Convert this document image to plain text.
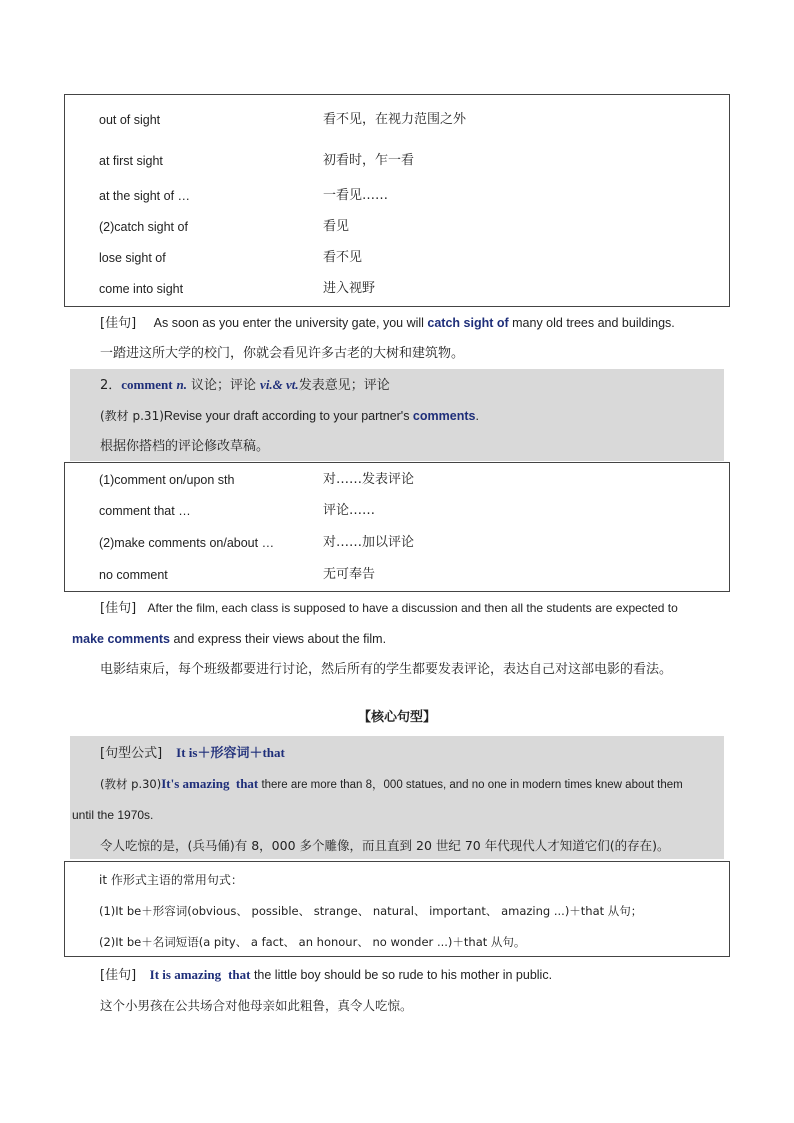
out of sight	看不见，在视力范围之外
at first sight	初看时，乍一看
at the sight of …	一看见……
(2)catch sight of	看见
lose sight of	看不见
come into sight	进入视野
[佳句] As soon as you enter the university gate, you will catch sight of many old trees and buildings.
一踏进这所大学的校门，你就会看见许多古老的大树和建筑物。
2．comment n. 议论；评论 vi.& vt.发表意见；评论
(教材 p.31)Revise your draft according to your partner's comments.
根据你搭档的评论修改草稿。
(1)comment on/upon sth	对……发表评论
comment that …	评论……
(2)make comments on/about …	对……加以评论
no comment	无可奉告
[佳句] After the film, each class is supposed to have a discussion and then all the students are expected to
make comments and express their views about the film.
电影结束后，每个班级都要进行讨论，然后所有的学生都要发表评论，表达自己对这部电影的看法。
【核心句型】
[句型公式] It is＋形容词＋that
(教材 p.30)It's amazing that there are more than 8，000 statues, and no one in modern times knew about them
until the 1970s.
令人吃惊的是，(兵马俑)有 8，000 多个雕像，而且直到 20 世纪 70 年代现代人才知道它们(的存在)。
it 作形式主语的常用句式：
(1)It be＋形容词(obvious、 possible、 strange、 natural、 important、 amazing ...)＋that 从句；
(2)It be＋名词短语(a pity、 a fact、 an honour、 no wonder ...)＋that 从句。
[佳句] It is amazing that the little boy should be so rude to his mother in public.
这个小男孩在公共场合对他母亲如此粗鲁，真令人吃惊。
